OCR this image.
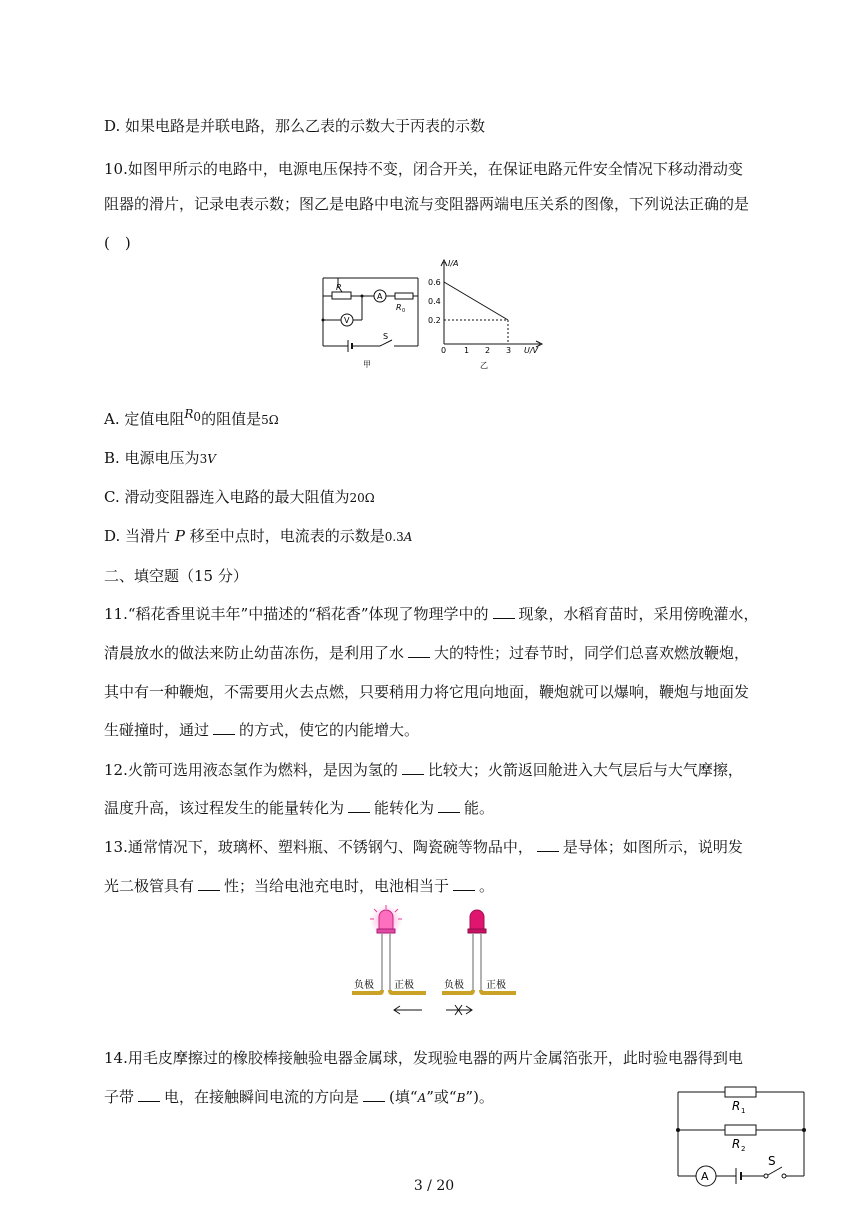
D. 如果电路是并联电路，那么乙表的示数大于丙表的示数
10.如图甲所示的电路中，电源电压保持不变，闭合开关，在保证电路元件安全情况下移动滑动变
阻器的滑片，记录电表示数；图乙是电路中电流与变阻器两端电压关系的图像，下列说法正确的是
(　)
P
A
R 0
V
S
甲
I/A
0.6
0.4
0.2
0 1 2 3 U/V
乙
A. 定值电阻$^{R0}$的阻值是5Ω
B. 电源电压为3V
C. 滑动变阻器连入电路的最大阻值为20Ω
D. 当滑片 P 移至中点时，电流表的示数是0.3A
二、填空题（15 分）
11.“稻花香里说丰年”中描述的“稻花香”体现了物理学中的 现象，水稻育苗时，采用傍晚灌水，
清晨放水的做法来防止幼苗冻伤，是利用了水 大的特性；过春节时，同学们总喜欢燃放鞭炮，
其中有一种鞭炮，不需要用火去点燃，只要稍用力将它甩向地面，鞭炮就可以爆响，鞭炮与地面发
生碰撞时，通过 的方式，使它的内能增大。
12.火箭可选用液态氢作为燃料，是因为氢的 比较大；火箭返回舱进入大气层后与大气摩擦，
温度升高，该过程发生的能量转化为 能转化为 能。
13.通常情况下，玻璃杯、塑料瓶、不锈钢勺、陶瓷碗等物品中， 是导体；如图所示，说明发
光二极管具有 性；当给电池充电时，电池相当于 。
负极 正极	负极 正极
14.用毛皮摩擦过的橡胶棒接触验电器金属球，发现验电器的两片金属箔张开，此时验电器得到电
子带 电，在接触瞬间电流的方向是 (填“A”或“B”)。	R 1
R 2
A
S
3 / 20
